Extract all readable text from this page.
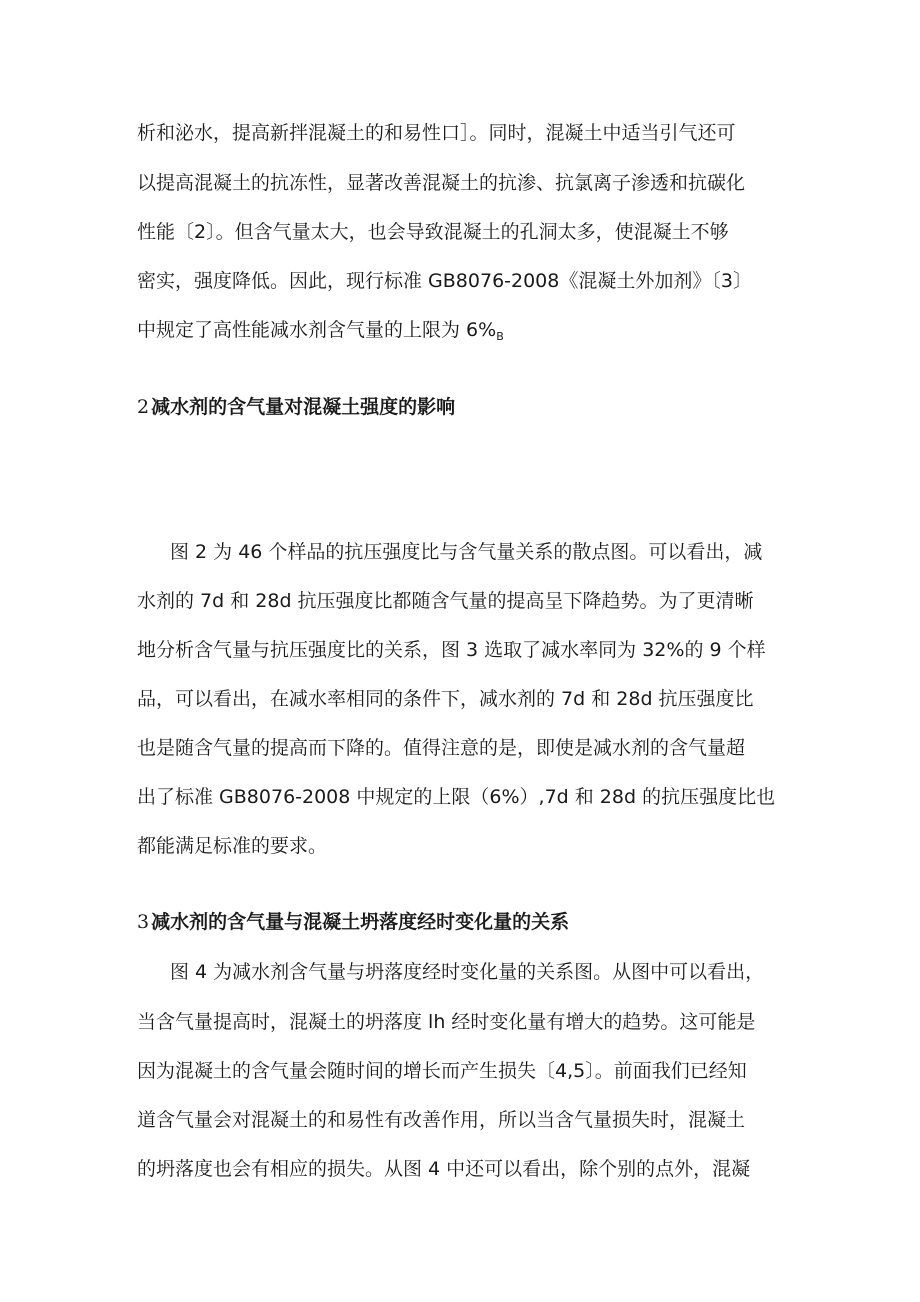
析和泌水，提高新拌混凝土的和易性口］。同时，混凝土中适当引气还可
以提高混凝土的抗冻性，显著改善混凝土的抗渗、抗氯离子渗透和抗碳化
性能〔2〕。但含气量太大，也会导致混凝土的孔洞太多，使混凝土不够
密实，强度降低。因此，现行标准 GB8076-2008《混凝土外加剂》〔3〕
中规定了高性能减水剂含气量的上限为 $6\%_B$
2 减水剂的含气量对混凝土强度的影响
图 2 为 46 个样品的抗压强度比与含气量关系的散点图。可以看出，减
水剂的 7d 和 28d 抗压强度比都随含气量的提高呈下降趋势。为了更清晰
地分析含气量与抗压强度比的关系，图 3 选取了减水率同为 32%的 9 个样
品，可以看出，在减水率相同的条件下，减水剂的 7d 和 28d 抗压强度比
也是随含气量的提高而下降的。值得注意的是，即使是减水剂的含气量超
出了标准 GB8076-2008 中规定的上限（6%）,7d 和 28d 的抗压强度比也
都能满足标准的要求。
3 减水剂的含气量与混凝土坍落度经时变化量的关系
图 4 为减水剂含气量与坍落度经时变化量的关系图。从图中可以看出，
当含气量提高时，混凝土的坍落度 lh 经时变化量有增大的趋势。这可能是
因为混凝土的含气量会随时间的增长而产生损失〔4,5〕。前面我们已经知
道含气量会对混凝土的和易性有改善作用，所以当含气量损失时，混凝土
的坍落度也会有相应的损失。从图 4 中还可以看出，除个别的点外，混凝
